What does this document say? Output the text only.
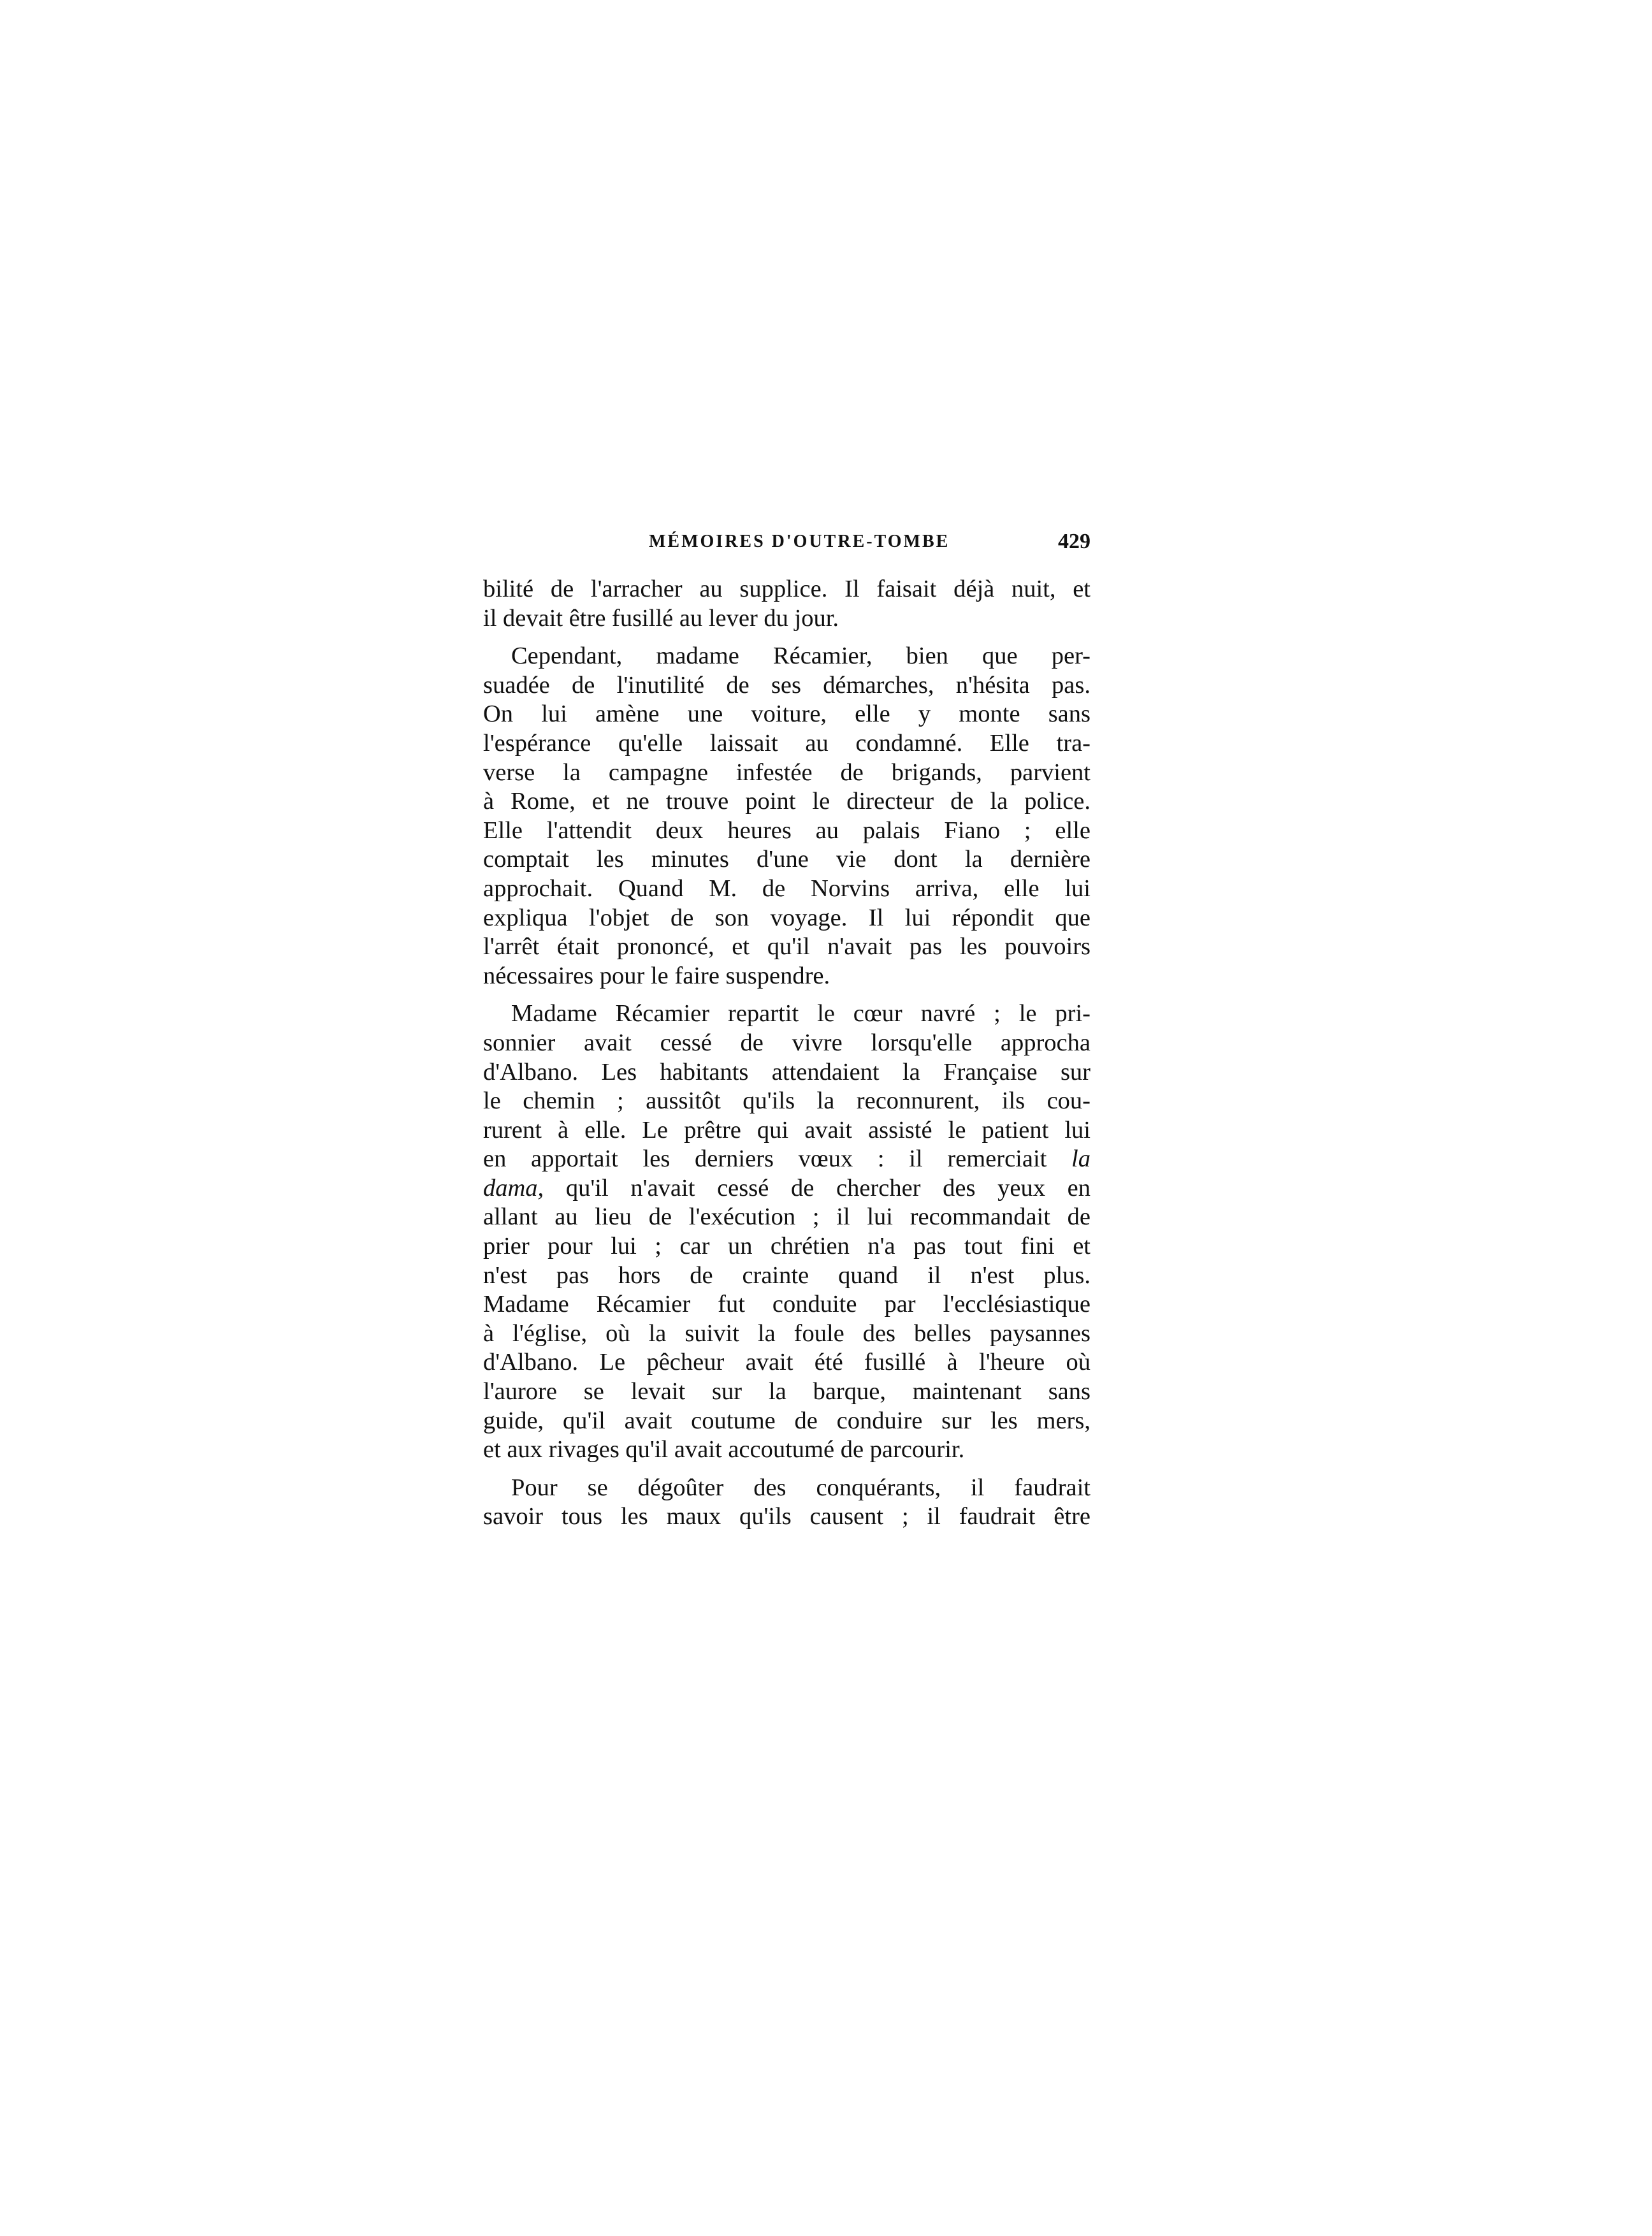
MÉMOIRES D'OUTRE-TOMBE	429
bilité de l'arracher au supplice. Il faisait déjà nuit, et
il devait être fusillé au lever du jour.
Cependant, madame Récamier, bien que per-
suadée de l'inutilité de ses démarches, n'hésita pas.
On lui amène une voiture, elle y monte sans
l'espérance qu'elle laissait au condamné. Elle tra-
verse la campagne infestée de brigands, parvient
à Rome, et ne trouve point le directeur de la police.
Elle l'attendit deux heures au palais Fiano ; elle
comptait les minutes d'une vie dont la dernière
approchait. Quand M. de Norvins arriva, elle lui
expliqua l'objet de son voyage. Il lui répondit que
l'arrêt était prononcé, et qu'il n'avait pas les pouvoirs
nécessaires pour le faire suspendre.
Madame Récamier repartit le cœur navré ; le pri-
sonnier avait cessé de vivre lorsqu'elle approcha
d'Albano. Les habitants attendaient la Française sur
le chemin ; aussitôt qu'ils la reconnurent, ils cou-
rurent à elle. Le prêtre qui avait assisté le patient lui
en apportait les derniers vœux : il remerciait la
dama, qu'il n'avait cessé de chercher des yeux en
allant au lieu de l'exécution ; il lui recommandait de
prier pour lui ; car un chrétien n'a pas tout fini et
n'est pas hors de crainte quand il n'est plus.
Madame Récamier fut conduite par l'ecclésiastique
à l'église, où la suivit la foule des belles paysannes
d'Albano. Le pêcheur avait été fusillé à l'heure où
l'aurore se levait sur la barque, maintenant sans
guide, qu'il avait coutume de conduire sur les mers,
et aux rivages qu'il avait accoutumé de parcourir.
Pour se dégoûter des conquérants, il faudrait
savoir tous les maux qu'ils causent ; il faudrait être
